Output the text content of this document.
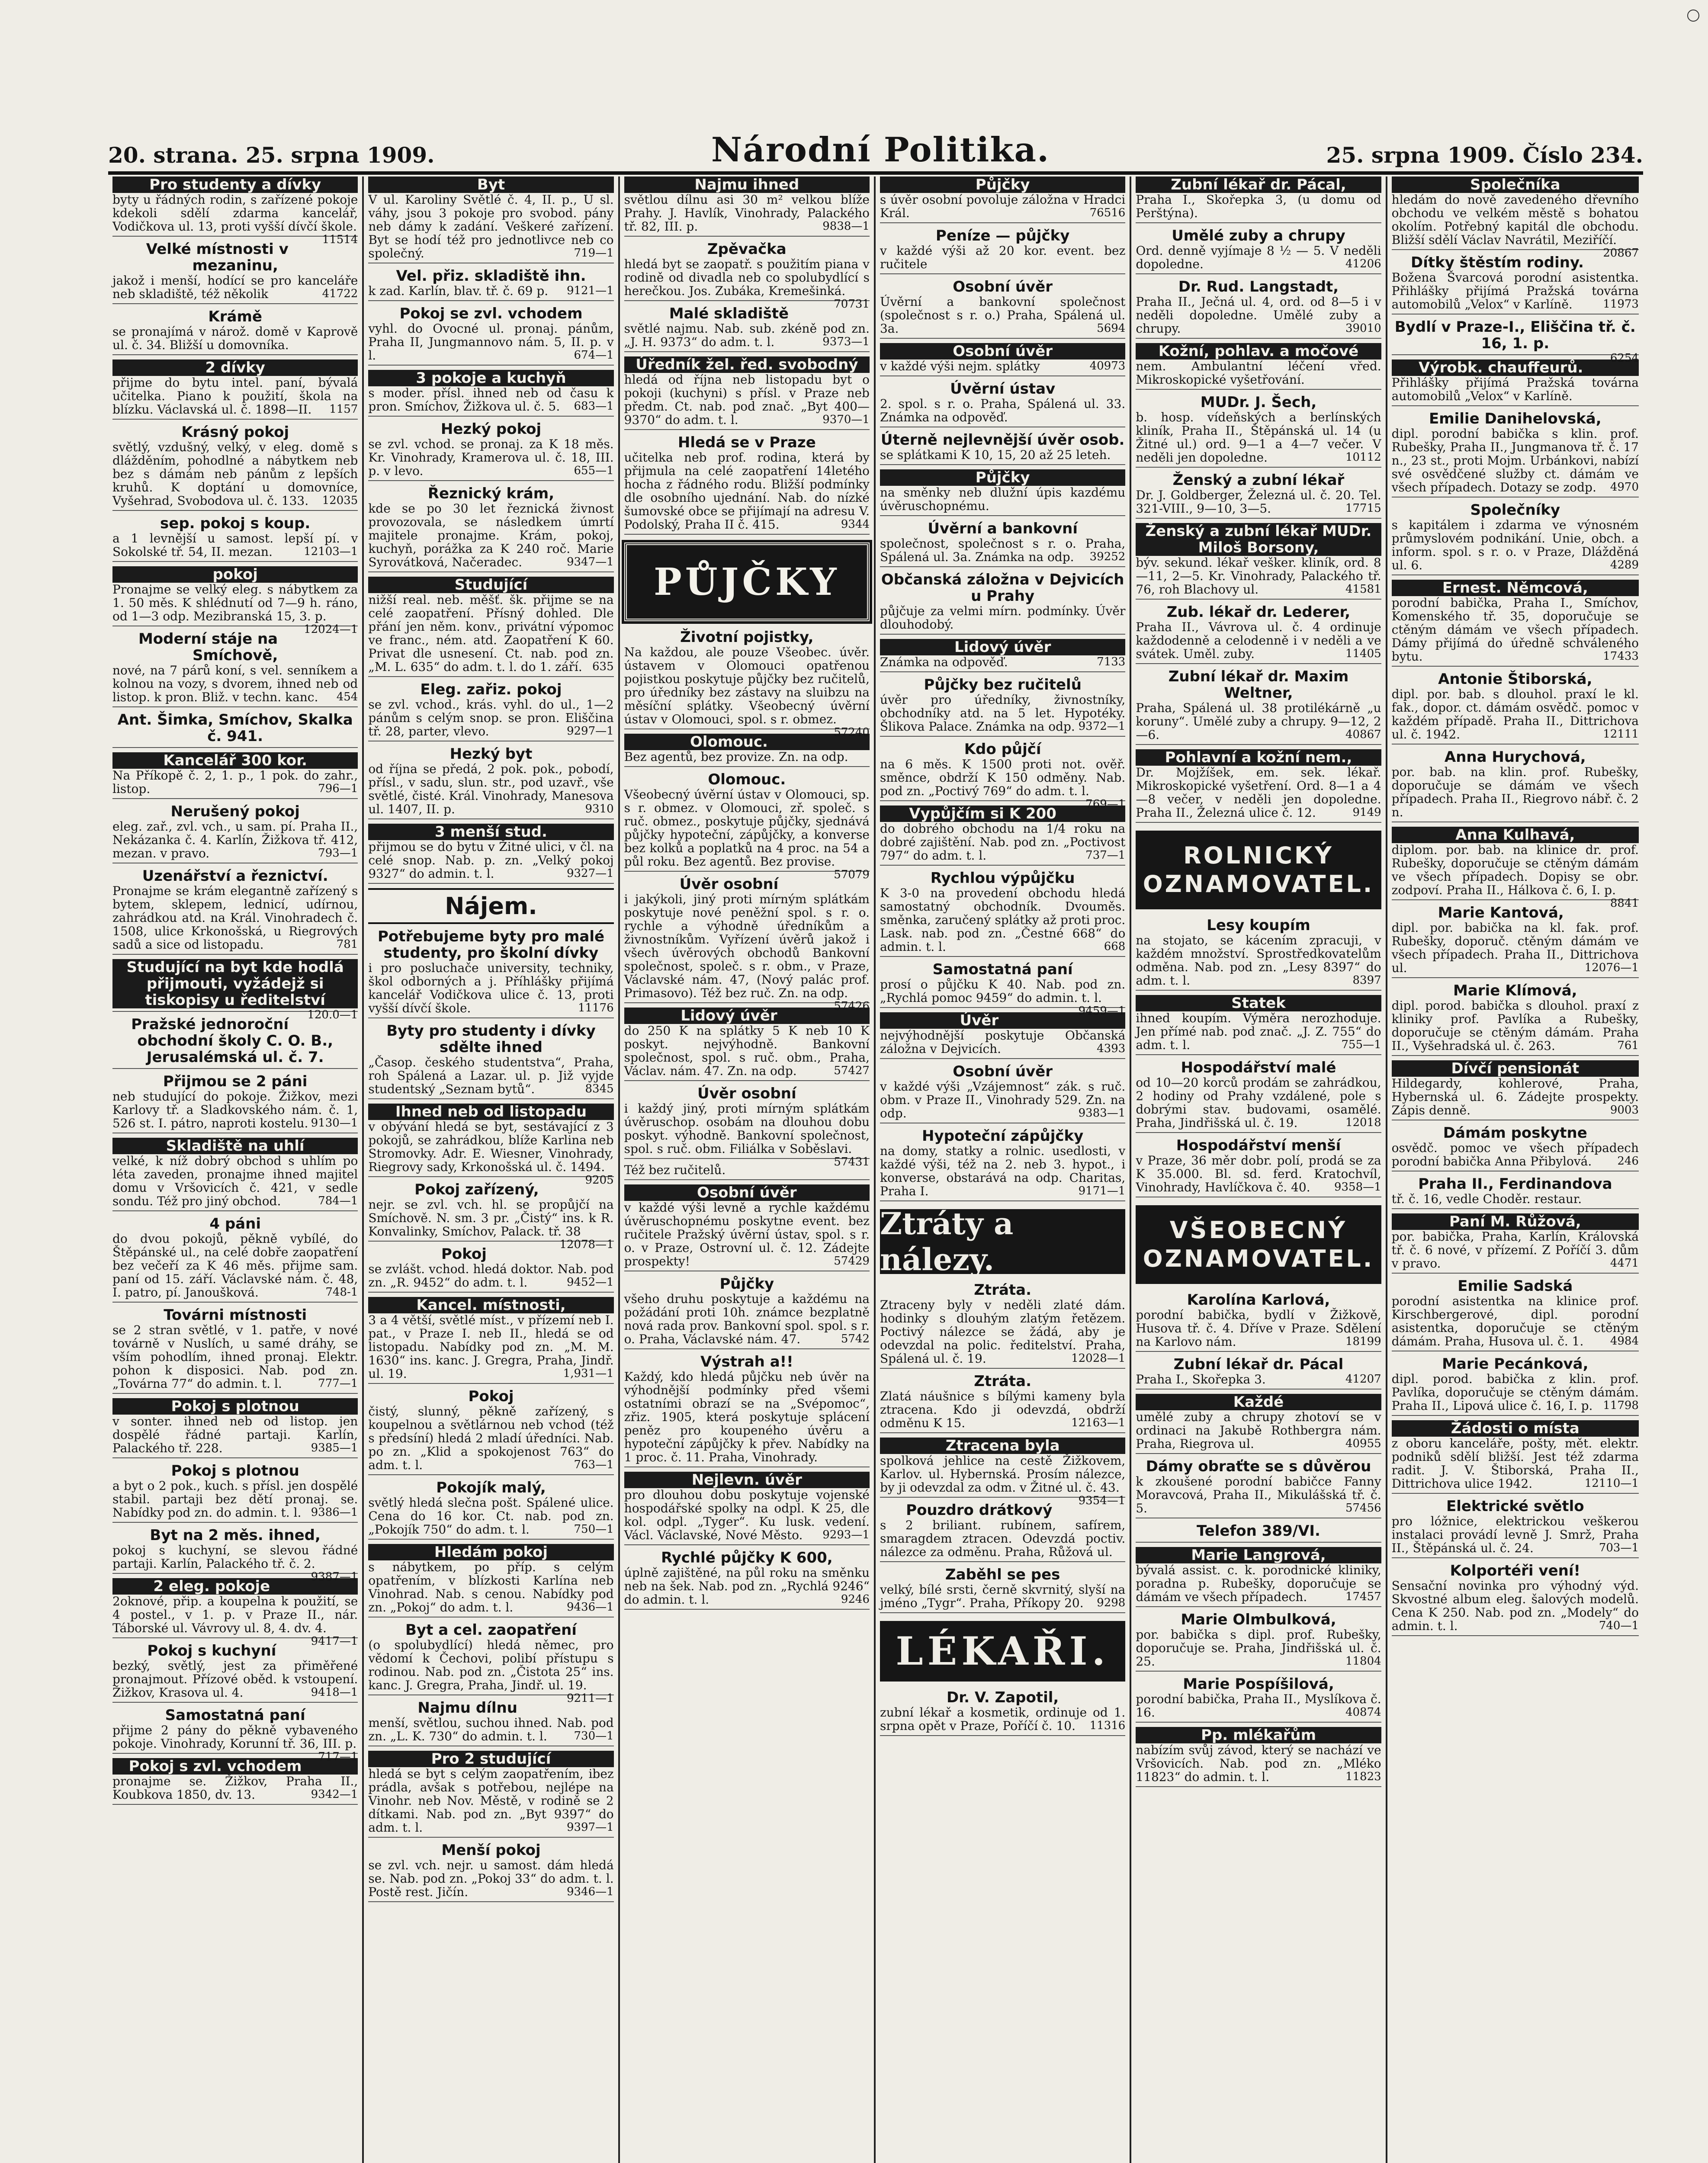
20. strana. 25. srpna 1909.	Národní Politika.	25. srpna 1909. Číslo 234.
Pro studenty a dívky
byty u řádných rodin, s zařízené pokoje kdekoli sdělí zdarma kancelář, Vodičkova ul. 13, proti vyšší dívčí škole.
11514
Velké místnosti v mezaninu,
jakož i menší, hodící se pro kanceláře neb skladiště, též několik	41722
Krámě
se pronajímá v nárož. domě v Kaprově ul. č. 34. Bližší u domovníka.
2 dívky
přijme do bytu intel. paní, bývalá učitelka. Piano k použití, škola na blízku. Václavská ul. č. 1898—II. 1157
Krásný pokoj
světlý, vzdušný, velký, v eleg. domě s dlážděním, pohodlné a nábytkem neb bez s dámám neb pánům z lepších kruhů. K doptání u domovníce, Vyšehrad, Svobodova ul. č. 133. 12035
sep. pokoj s koup.
a 1 levnější u samost. lepší pí. v Sokolské tř. 54, II. mezan.	12103—1
pokoj
Pronajme se velký eleg. s nábytkem za 1. 50 měs. K shlédnutí od 7—9 h. ráno, od 1—3 odp. Mezibranská 15, 3. p.
12024—1
Moderní stáje na Smíchově,
nové, na 7 párů koní, s vel. senníkem a kolnou na vozy, s dvorem, ihned neb od listop. k pron. Bliž. v techn. kanc. 454
Ant. Šimka, Smíchov, Skalka č. 941.
Kancelář 300 kor.
Na Příkopě č. 2, 1. p., 1 pok. do zahr., listop.	796—1
Nerušený pokoj
eleg. zař., zvl. vch., u sam. pí. Praha II., Nekázanka č. 4. Karlín, Žižkova tř. 412, mezan. v pravo.	793—1
Uzenářství a řeznictví.
Pronajme se krám elegantně zařízený s bytem, sklepem, lednicí, udírnou, zahrádkou atd. na Král. Vinohradech č. 1508, ulice Krkonošská, u Riegrových sadů a sice od listopadu.	781
Studující na byt kde hodlá přijmouti, vyžádejž si tiskopisy u ředitelství
120.0—1
Pražské jednoroční obchodní školy C. O. B., Jerusalémská ul. č. 7.
Přijmou se 2 páni
neb studující do pokoje. Žižkov, mezi Karlovy tř. a Sladkovského nám. č. 1, 526 st. I. pátro, naproti kostelu. 9130—1
Skladiště na uhlí
velké, k níž dobrý obchod s uhlím po léta zaveden, pronajme ihned majitel domu v Vršovicích č. 421, v sedle sondu. Též pro jiný obchod.	784—1
4 páni
do dvou pokojů, pěkně vybílé, do Štěpánské ul., na celé dobře zaopatření bez večeří za K 46 měs. přijme sam. paní od 15. září. Václavské nám. č. 48, I. patro, pí. Janoušková.	748-1
Továrni místnosti
se 2 stran světlé, v 1. patře, v nové továrně v Nuslích, u samé dráhy, se vším pohodlím, ihned pronaj. Elektr. pohon k disposici. Nab. pod zn. „Továrna 77“ do admin. t. l.	777—1
Pokoj s plotnou
v sonter. ihned neb od listop. jen dospělé řádné partaji. Karlín, Palackého tř. 228.	9385—1
Pokoj s plotnou
a byt o 2 pok., kuch. s přísl. jen dospělé stabil. partaji bez dětí pronaj. se. Nabídky pod zn. do admin. t. l. 9386—1
Byt na 2 měs. ihned,
pokoj s kuchyní, se slevou řádné partaji. Karlín, Palackého tř. č. 2.
9387—1
2 eleg. pokoje
2oknové, přip. a koupelna k použití, se 4 postel., v 1. p. v Praze II., nár. Táborské ul. Vávrovy ul. 8, 4. dv. 4.
9417—1
Pokoj s kuchyní
bezký, světlý, jest za přiměřené pronajmout. Přízové oběd. k vstoupení. Žižkov, Krasova ul. 4.	9418—1
Samostatná paní
přijme 2 pány do pěkně vybaveného pokoje. Vinohrady, Korunní tř. 36, III. p.
717—1
Pokoj s zvl. vchodem
pronajme se. Žižkov, Praha II., Koubkova 1850, dv. 13.	9342—1
Byt
V ul. Karoliny Světlé č. 4, II. p., U sl. váhy, jsou 3 pokoje pro svobod. pány neb dámy k zadání. Veškeré zařízení. Byt se hodí též pro jednotlivce neb co společný.	719—1
Vel. přiz. skladiště ihn.
k zad. Karlín, blav. tř. č. 69 p. 9121—1
Pokoj se zvl. vchodem
vyhl. do Ovocné ul. pronaj. pánům, Praha II, Jungmannovo nám. 5, II. p. v l.	674—1
3 pokoje a kuchyň
s moder. přísl. ihned neb od času k pron. Smíchov, Žižkova ul. č. 5. 683—1
Hezký pokoj
se zvl. vchod. se pronaj. za K 18 měs. Kr. Vinohrady, Kramerova ul. č. 18, III. p. v levo.	655—1
Řeznický krám,
kde se po 30 let řeznická živnost provozovala, se následkem úmrtí majitele pronajme. Krám, pokoj, kuchyň, porážka za K 240 roč. Marie Syrovátková, Načeradec.	9347—1
Studující
nižší real. neb. měšť. šk. přijme se na celé zaopatření. Přísný dohled. Dle přání jen něm. konv., privátní výpomoc ve franc., ném. atd. Zaopatření K 60. Privat dle usnesení. Ct. nab. pod zn. „M. L. 635“ do adm. t. l. do 1. září. 635
Eleg. zařiz. pokoj
se zvl. vchod., krás. vyhl. do ul., 1—2 pánům s celým snop. se pron. Eliščina tř. 28, parter, vlevo.	9297—1
Hezký byt
od října se předá, 2 pok. pok., pobodí, přísl., v sadu, slun. str., pod uzavř., vše světlé, čisté. Král. Vinohrady, Manesova ul. 1407, II. p.	9310
3 menší stud.
přijmou se do bytu v Žitné ulici, v čl. na celé snop. Nab. p. zn. „Velký pokoj 9327“ do admin. t. l.	9327—1
Nájem.
Potřebujeme byty pro malé studenty, pro školní dívky
i pro posluchače university, techniky, škol odborných a j. Příhlášky přijímá kancelář Vodičkova ulice č. 13, proti vyšší dívčí škole.	11176
Byty pro studenty i dívky sdělte ihned
„Časop. českého studentstva“, Praha, roh Spálená a Lazar. ul. p. Již vyjde studentský „Seznam bytů“.	8345
Ihned neb od listopadu
v obývání hledá se byt, sestávající z 3 pokojů, se zahrádkou, blíže Karlina neb Stromovky. Adr. E. Wiesner, Vinohrady, Riegrovy sady, Krkonošská ul. č. 1494.
9205
Pokoj zařízený,
nejr. se zvl. vch. hl. se propůjčí na Smíchově. N. sm. 3 pr. „Čistý“ ins. k R. Konvalinky, Smíchov, Palack. tř. 38
12078—1
Pokoj
se zvlášt. vchod. hledá doktor. Nab. pod zn. „R. 9452“ do adm. t. l.	9452—1
Kancel. místnosti,
3 a 4 větší, světlé míst., v přízemí neb I. pat., v Praze I. neb II., hledá se od listopadu. Nabídky pod zn. „M. M. 1630“ ins. kanc. J. Gregra, Praha, Jindř. ul. 19.	1,931—1
Pokoj
čistý, slunný, pěkně zařízený, s koupelnou a světlárnou neb vchod (též s předsíní) hledá 2 mladí úředníci. Nab. po zn. „Klid a spokojenost 763“ do adm. t. l.	763—1
Pokojík malý,
světlý hledá slečna pošt. Spálené ulice. Cena do 16 kor. Ct. nab. pod zn. „Pokojík 750“ do adm. t. l.	750—1
Hledám pokoj
s nábytkem, po příp. s celým opatřením, v blízkosti Karlína neb Vinohrad. Nab. s cenou. Nabídky pod zn. „Pokoj“ do adm. t. l.	9436—1
Byt a cel. zaopatření
(o spolubydlící) hledá němec, pro vědomí k Čechovi, polibí přístupu s rodinou. Nab. pod zn. „Čistota 25“ ins. kanc. J. Gregra, Praha, Jindř. ul. 19.
9211—1
Najmu dílnu
menší, světlou, suchou ihned. Nab. pod zn. „L. K. 730“ do admin. t. l. 730—1
Pro 2 studující
hledá se byt s celým zaopatřením, ibez prádla, avšak s potřebou, nejlépe na Vinohr. neb Nov. Městě, v rodině se 2 dítkami. Nab. pod zn. „Byt 9397“ do adm. t. l.	9397—1
Menší pokoj
se zvl. vch. nejr. u samost. dám hledá se. Nab. pod zn. „Pokoj 33“ do adm. t. l. Postě rest. Jičín.	9346—1
Najmu ihned
světlou dílnu asi 30 m² velkou blíže Prahy. J. Havlík, Vinohrady, Palackého tř. 82, III. p.	9838—1
Zpěvačka
hledá byt se zaopatř. s použitím piana v rodině od divadla neb co spolubydlící s herečkou. Jos. Zubáka, Kremešinká.
70731
Malé skladiště
světlé najmu. Nab. sub. zkéně pod zn. „J. H. 9373“ do adm. t. l.	9373—1
Úředník žel. řed. svobodný
hledá od října neb listopadu byt o pokoji (kuchyni) s přísl. v Praze neb předm. Ct. nab. pod znač. „Byt 400—9370“ do adm. t. l.	9370—1
Hledá se v Praze
učitelka neb prof. rodina, která by přijmula na celé zaopatření 14letého hocha z řádného rodu. Bližší podmínky dle osobního ujednání. Nab. do nízké šumovské obce se přijímají na adresu V. Podolský, Praha II č. 415.	9344
PŮJČKY
Životní pojistky,
Na každou, ale pouze Všeobec. úvěr. ústavem v Olomouci opatřenou pojistkou poskytuje půjčky bez ručitelů, pro úředníky bez zástavy na sluibzu na měsíční splátky. Všeobecný úvěrní ústav v Olomouci, spol. s r. obmez.
57240
Olomouc.
Bez agentů, bez provize. Zn. na odp.
Olomouc.
Všeobecný úvěrní ústav v Olomouci, sp. s r. obmez. v Olomouci, zř. společ. s ruč. obmez., poskytuje půjčky, sjednává půjčky hypoteční, zápůjčky, a konverse bez kolků a poplatků na 4 proc. na 54 a půl roku. Bez agentů. Bez provise.
57079
Úvěr osobní
i jakýkoli, jiný proti mírným splátkám poskytuje nové peněžní spol. s r. o. rychle a výhodně úředníkům a živnostníkům. Vyřízení úvěrů jakož i všech úvěrových obchodů Bankovní společnost, společ. s r. obm., v Praze, Václavské nám. 47, (Nový palác prof. Primasovo). Též bez ruč. Zn. na odp.
57426
Lidový úvěr
do 250 K na splátky 5 K neb 10 K poskyt. nejvýhodně. Bankovní společnost, spol. s ruč. obm., Praha, Václav. nám. 47. Zn. na odp.	57427
Úvěr osobní
i každý jiný, proti mírným splátkám úvěruschop. osobám na dlouhou dobu poskyt. výhodně. Bankovní společnost, spol. s ruč. obm. Filiálka v Soběslavi.
57431
Též bez ručitelů.
Osobní úvěr
v každé výši levně a rychle každému úvěruschopnému poskytne event. bez ručitele Pražský úvěrní ústav, spol. s r. o. v Praze, Ostrovní ul. č. 12. Zádejte prospekty!	57429
Půjčky
všeho druhu poskytuje a každému na požádání proti 10h. známce bezplatně nová rada prov. Bankovní spol. spol. s r. o. Praha, Václavské nám. 47.	5742
Výstrah a!!
Každý, kdo hledá půjčku neb úvěr na výhodnější podmínky před všemi ostatními obrazí se na „Svépomoc“, zřiz. 1905, která poskytuje splácení peněz pro koupeného úvěru a hypoteční zápůjčky k přev. Nabídky na 1 proc. č. 11. Praha, Vinohrady.
Nejlevn. úvěr
pro dlouhou dobu poskytuje vojenské hospodářské spolky na odpl. K 25, dle kol. odpl. „Tyger“. Ku lusk. vedení. Václ. Václavské, Nové Město. 9293—1
Rychlé půjčky K 600,
úplně zajištěné, na půl roku na směnku neb na šek. Nab. pod zn. „Rychlá 9246“ do admin. t. l.	9246
Půjčky
s úvěr osobní povoluje záložna v Hradci Král.	76516
Peníze — půjčky
v každé výši až 20 kor. event. bez ručitele
Osobní úvěr
Úvěrní a bankovní společnost (společnost s r. o.) Praha, Spálená ul. 3a.	5694
Osobní úvěr
v každé výši nejm. splátky	40973
Úvěrní ústav
2. spol. s r. o. Praha, Spálená ul. 33. Známka na odpověď.
Úterně nejlevnější úvěr osob.
se splátkami K 10, 15, 20 až 25 leteh.
Půjčky
na směnky neb dlužní úpis kazdému úvěruschopnému.
Úvěrní a bankovní
společnost, společnost s r. o. Praha, Spálená ul. 3a. Známka na odp. 39252
Občanská záložna v Dejvicích u Prahy
půjčuje za velmi mírn. podmínky. Úvěr dlouhodobý.
Lidový úvěr
Známka na odpověď.	7133
Půjčky bez ručitelů
úvěr pro úředníky, živnostníky, obchodníky atd. na 5 let. Hypotéky. Šlikova Palace. Známka na odp. 9372—1
Kdo půjčí
na 6 měs. K 1500 proti not. ověř. směnce, obdrží K 150 odměny. Nab. pod zn. „Poctivý 769“ do adm. t. l.
769—1
Vypůjčím si K 200
do dobrého obchodu na 1/4 roku na dobré zajištění. Nab. pod zn. „Poctivost 797“ do adm. t. l.	737—1
Rychlou výpůjčku
K 3-0 na provedení obchodu hledá samostatný obchodník. Dvouměs. směnka, zaručený splátky až proti proc. Lask. nab. pod zn. „Čestné 668“ do admin. t. l.	668
Samostatná paní
prosí o půjčku K 40. Nab. pod zn. „Rychlá pomoc 9459“ do admin. t. l.
9459—1
Úvěr
nejvýhodnější poskytuje Občanská záložna v Dejvicích.	4393
Osobní úvěr
v každé výši „Vzájemnost“ zák. s ruč. obm. v Praze II., Vinohrady 529. Zn. na odp.	9383—1
Hypoteční zápůjčky
na domy, statky a rolnic. usedlosti, v každé výši, též na 2. neb 3. hypot., i konverse, obstarává na odp. Charitas, Praha I.	9171—1
Ztráty a nálezy.
Ztráta.
Ztraceny byly v neděli zlaté dám. hodinky s dlouhým zlatým řetězem. Poctivý nálezce se žádá, aby je odevzdal na polic. ředitelství. Praha, Spálená ul. č. 19.	12028—1
Ztráta.
Zlatá náušnice s bílými kameny byla ztracena. Kdo ji odevzdá, obdrží odměnu K 15.	12163—1
Ztracena byla
spolková jehlice na cestě Žižkovem, Karlov. ul. Hybernská. Prosím nálezce, by ji odevzdal za odm. v Žitné ul. č. 43.
9354—1
Pouzdro drátkový
s 2 briliant. rubínem, safírem, smaragdem ztracen. Odevzdá poctiv. nálezce za odměnu. Praha, Růžová ul.
Zaběhl se pes
velký, bílé srsti, černě skvrnitý, slyší na jméno „Tygr“. Praha, Příkopy 20. 9298
LÉKAŘI.
Dr. V. Zapotil,
zubní lékař a kosmetik, ordinuje od 1. srpna opět v Praze, Poříčí č. 10. 11316
Zubní lékař dr. Pácal,
Praha I., Skořepka 3, (u domu od Perštýna).
Umělé zuby a chrupy
Ord. denně vyjímaje 8 ½ — 5. V neděli dopoledne.	41206
Dr. Rud. Langstadt,
Praha II., Ječná ul. 4, ord. od 8—5 i v neděli dopoledne. Umělé zuby a chrupy.	39010
Kožní, pohlav. a močové
nem. Ambulantní léčení vřed. Mikroskopické vyšetřování.
MUDr. J. Šech,
b. hosp. vídeňských a berlínských kliník, Praha II., Štěpánská ul. 14 (u Žitné ul.) ord. 9—1 a 4—7 večer. V neděli jen dopoledne.	10112
Ženský a zubní lékař
Dr. J. Goldberger, Železná ul. č. 20. Tel. 321-VIII., 9—10, 3—5.	17715
Ženský a zubní lékař MUDr. Miloš Borsony,
býv. sekund. lékař vešker. kliník, ord. 8—11, 2—5. Kr. Vinohrady, Palackého tř. 76, roh Blachovy ul.	41581
Zub. lékař dr. Lederer,
Praha II., Vávrova ul. č. 4 ordinuje každodenně a celodenně i v neděli a ve svátek. Uměl. zuby.	11405
Zubní lékař dr. Maxim Weltner,
Praha, Spálená ul. 38 protilékárně „u koruny“. Umělé zuby a chrupy. 9—12, 2—6.	40867
Pohlavní a kožní nem.,
Dr. Mojžíšek, em. sek. lékař. Mikroskopické vyšetření. Ord. 8—1 a 4—8 večer, v neděli jen dopoledne. Praha II., Železná ulice č. 12.	9149
ROLNICKÝ
OZNAMOVATEL.
Lesy koupím
na stojato, se kácením zpracuji, v každém množství. Sprostředkovatelům odměna. Nab. pod zn. „Lesy 8397“ do adm. t. l.	8397
Statek
ihned koupím. Výměra nerozhoduje. Jen přímé nab. pod znač. „J. Z. 755“ do adm. t. l.	755—1
Hospodářství malé
od 10—20 korců prodám se zahrádkou, 2 hodiny od Prahy vzdálené, pole s dobrými stav. budovami, osamělé. Praha, Jindřišská ul. č. 19.	12018
Hospodářství menší
v Praze, 36 měr dobr. polí, prodá se za K 35.000. Bl. sd. ferd. Kratochvíl, Vinohrady, Havlíčkova č. 40. 9358—1
VŠEOBECNÝ
OZNAMOVATEL.
Karolína Karlová,
porodní babička, bydlí v Žižkově, Husova tř. č. 4. Dříve v Praze. Sdělení na Karlovo nám.	18199
Zubní lékař dr. Pácal
Praha I., Skořepka 3.	41207
Každé
umělé zuby a chrupy zhotoví se v ordinaci na Jakubě Rothbergra nám. Praha, Riegrova ul.	40955
Dámy obraťte se s důvěrou
k zkoušené porodní babičce Fanny Moravcová, Praha II., Mikulášská tř. č. 5.	57456
Telefon 389/VI.
Marie Langrová,
bývalá assist. c. k. porodnické kliniky, poradna p. Rubešky, doporučuje se dámám ve všech případech.	17457
Marie Olmbulková,
por. babička s dipl. prof. Rubešky, doporučuje se. Praha, Jindřišská ul. č. 25.	11804
Marie Pospíšilová,
porodní babička, Praha II., Myslíkova č. 16.	40874
Pp. mlékařům
nabízím svůj závod, který se nachází ve Vršovicích. Nab. pod zn. „Mléko 11823“ do admin. t. l.	11823
Společníka
hledám do nově zavedeného dřevního obchodu ve velkém městě s bohatou okolím. Potřebný kapitál dle obchodu. Bližší sdělí Václav Navrátil, Meziříčí.
20867
Dítky štěstím rodiny.
Božena Švarcová porodní asistentka. Přihlášky přijímá Pražská továrna automobilů „Velox“ v Karlíně.	11973
Bydlí v Praze-I., Eliščina tř. č. 16, 1. p.
6254
Výrobk. chauffeurů.
Přihlášky přijímá Pražská továrna automobilů „Velox“ v Karlíně.
Emilie Danihelovská,
dipl. porodní babička s klin. prof. Rubešky, Praha II., Jungmanova tř. č. 17 n., 23 st., proti Mojm. Urbánkovi, nabízí své osvědčené služby ct. dámám ve všech případech. Dotazy se zodp. 4970
Společníky
s kapitálem i zdarma ve výnosném průmyslovém podnikání. Unie, obch. a inform. spol. s r. o. v Praze, Dlážděná ul. 6.	4289
Ernest. Němcová,
porodní babička, Praha I., Smíchov, Komenského tř. 35, doporučuje se ctěným dámám ve všech případech. Dámy přijímá do úředně schváleného bytu.	17433
Antonie Štiborská,
dipl. por. bab. s dlouhol. praxí le kl. fak., dopor. ct. dámám osvědč. pomoc v každém případě. Praha II., Dittrichova ul. č. 1942.	12111
Anna Hurychová,
por. bab. na klin. prof. Rubešky, doporučuje se dámám ve všech případech. Praha II., Riegrovo nábř. č. 2 n.
Anna Kulhavá,
diplom. por. bab. na klinice dr. prof. Rubešky, doporučuje se ctěným dámám ve všech případech. Dopisy se obr. zodpoví. Praha II., Hálkova č. 6, I. p.
8841
Marie Kantová,
dipl. por. babička na kl. fak. prof. Rubešky, doporuč. ctěným dámám ve všech případech. Praha II., Dittrichova ul.	12076—1
Marie Klímová,
dipl. porod. babička s dlouhol. praxí z kliniky prof. Pavlíka a Rubešky, doporučuje se ctěným dámám. Praha II., Vyšehradská ul. č. 263.	761
Dívčí pensionát
Hildegardy, kohlerové, Praha, Hybernská ul. 6. Zádejte prospekty. Zápis denně.	9003
Dámám poskytne
osvědč. pomoc ve všech případech porodní babička Anna Přibylová. 246
Praha II., Ferdinandova
tř. č. 16, vedle Choděr. restaur.
Paní M. Růžová,
por. babička, Praha, Karlín, Královská tř. č. 6 nové, v přízemí. Z Poříčí 3. dům v pravo.	4471
Emilie Sadská
porodní asistentka na klinice prof. Kirschbergerové, dipl. porodní asistentka, doporučuje se ctěným dámám. Praha, Husova ul. č. 1. 4984
Marie Pecánková,
dipl. porod. babička z klin. prof. Pavlíka, doporučuje se ctěným dámám. Praha II., Lipová ulice č. 16, I. p. 11798
Žádosti o místa
z oboru kanceláře, pošty, mět. elektr. podniků sdělí bližší. Jest též zdarma radit. J. V. Štiborská, Praha II., Dittrichova ulice 1942.	12110—1
Elektrické světlo
pro lóžnice, elektrickou veškerou instalaci provádí levně J. Smrž, Praha II., Štěpánská ul. č. 24.	703—1
Kolportéři vení!
Sensační novinka pro výhodný výd. Skvostné album eleg. šalových modelů. Cena K 250. Nab. pod zn. „Modely“ do admin. t. l.	740—1
